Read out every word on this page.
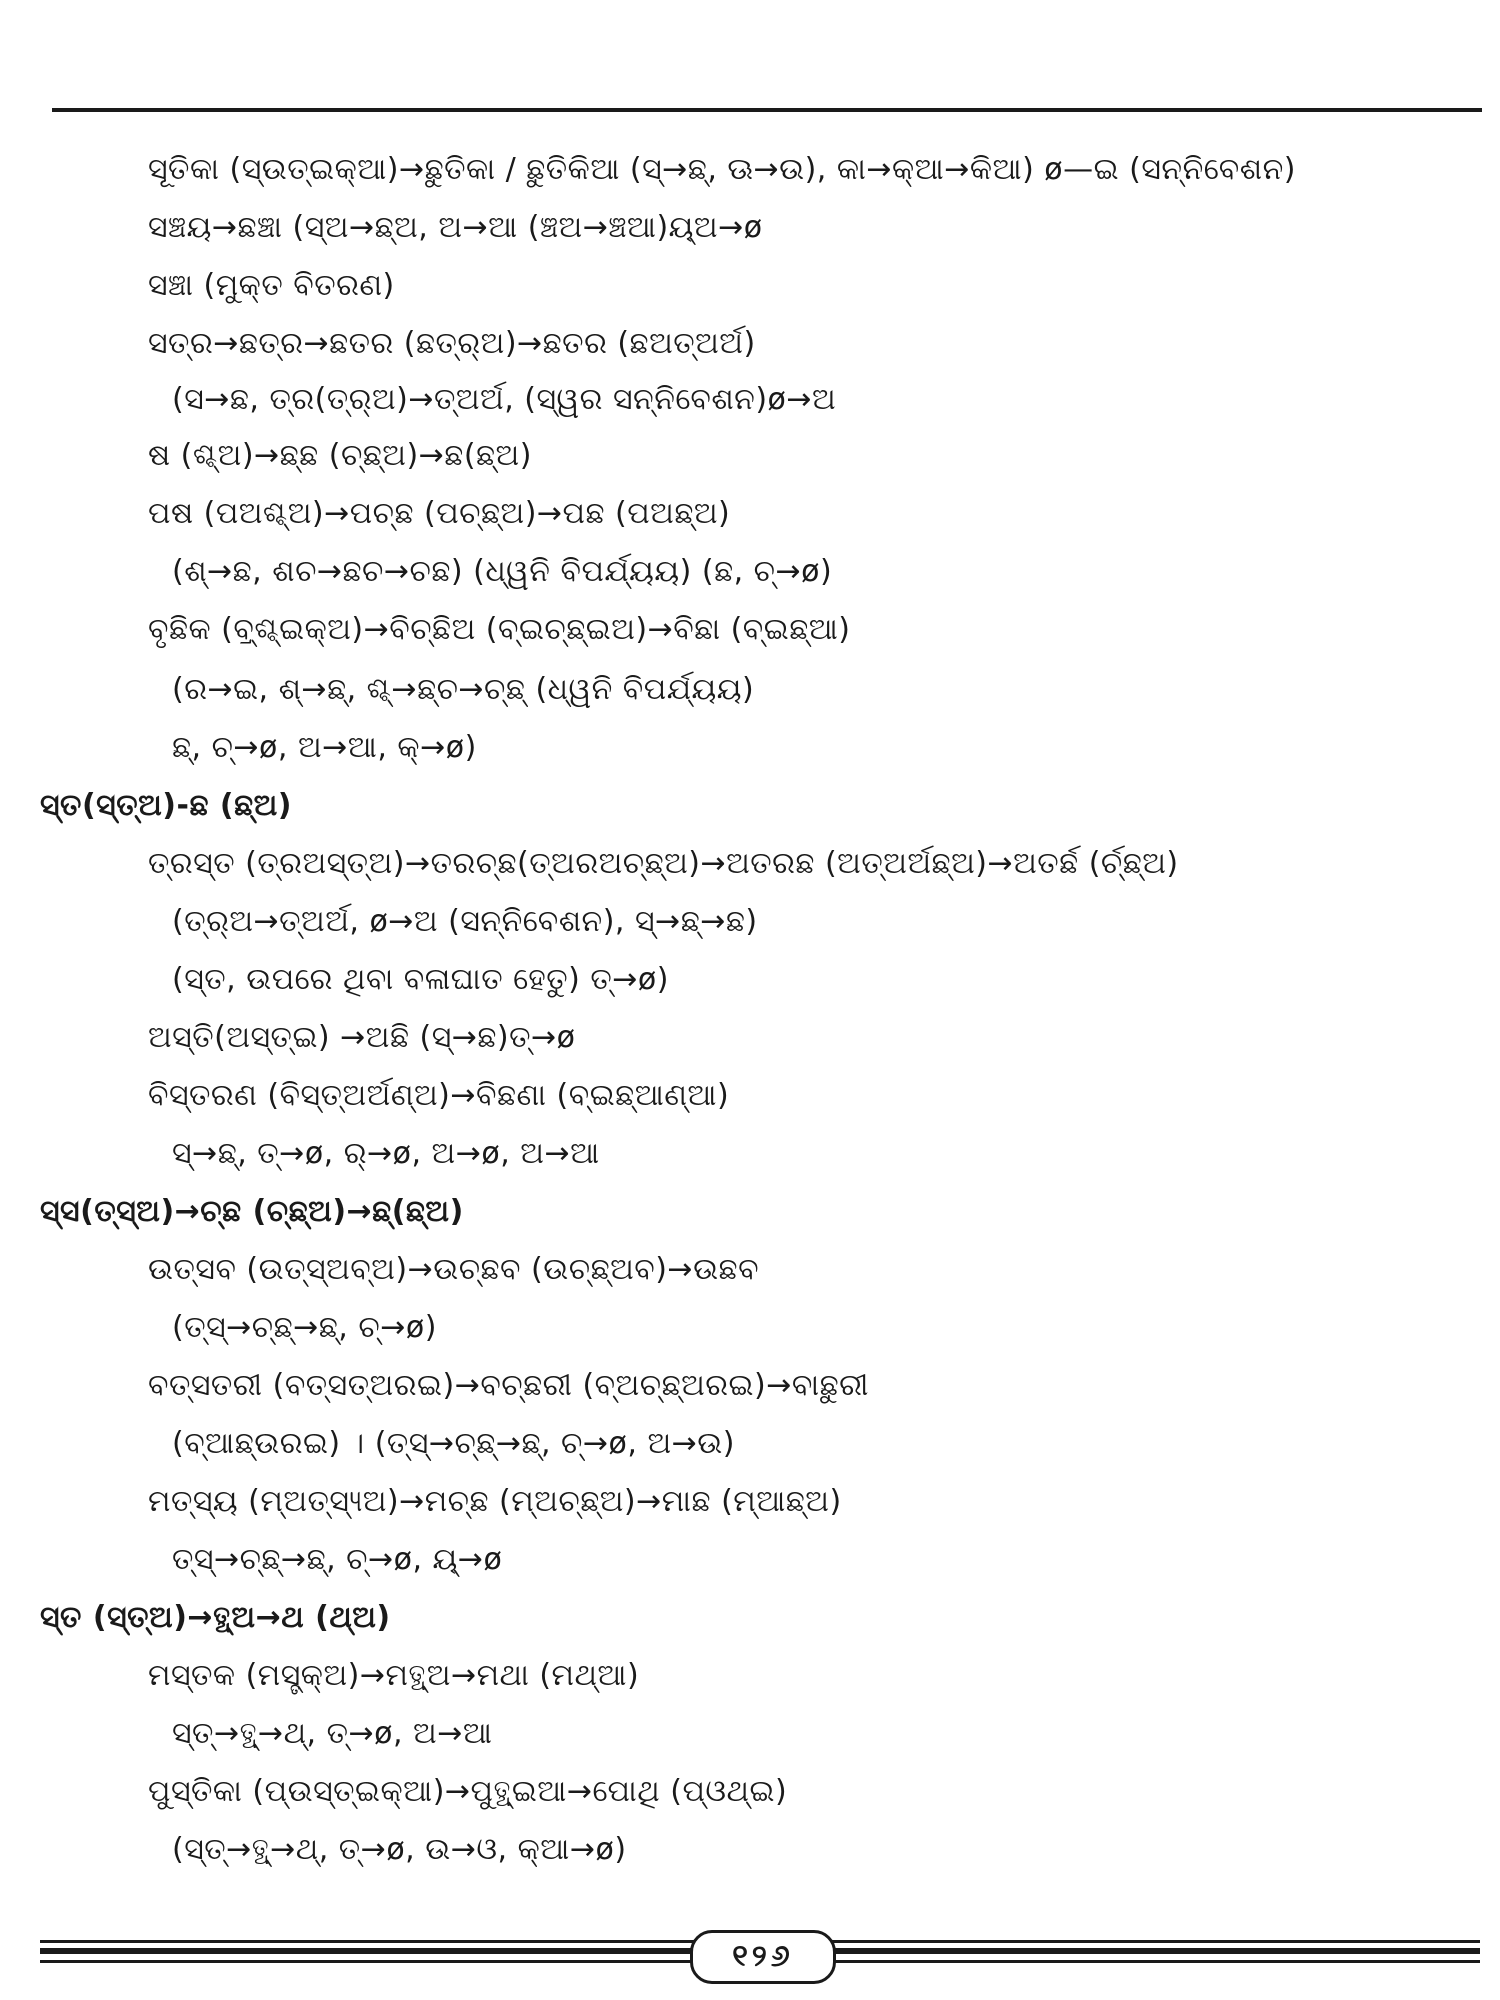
ସୂତିକା (ସ୍ଉତ୍ଇକ୍ଆ)→ଛୁତିକା / ଛୁତିକିଆ (ସ୍→ଛ୍, ଊ→ଉ), କା→କ୍ଆ→କିଆ) ø—ଇ (ସନ୍ନିବେଶନ)
ସଞ୍ଚୟ→ଛଞ୍ଚା (ସ୍ଅ→ଛ୍ଅ, ଅ→ଆ (ଞ୍ଚଅ→ଞ୍ଚଆ)ୟ୍ଅ→ø
ସଞ୍ଚା (ମୁକ୍ତ ବିତରଣ)
ସତ୍ର→ଛତ୍ର→ଛତର (ଛତ୍ର୍ଅ)→ଛତର (ଛଅତ୍ଅର୍ଅ)
(ସ→ଛ, ତ୍ର(ତ୍ର୍ଅ)→ତ୍ଅର୍ଅ, (ସ୍ୱର ସନ୍ନିବେଶନ)ø→ଅ
ଷ (ଶ୍ଚ୍ଅ)→ଛ୍ଛ (ଚ୍ଛ୍ଅ)→ଛ(ଛ୍ଅ)
ପଷ (ପଅଶ୍ଚ୍ଅ)→ପଚ୍ଛ (ପଚ୍ଛ୍ଅ)→ପଛ (ପଅଛ୍ଅ)
(ଶ୍→ଛ, ଶଚ→ଛଚ→ଚଛ) (ଧ୍ୱନି ବିପର୍ଯ୍ୟୟ) (ଛ, ଚ୍→ø)
ବୃଛିକ (ବ୍ର୍ଶ୍ଚ୍ଇକ୍ଅ)→ବିଚ୍ଛିଅ (ବ୍ଇଚ୍ଛ୍ଇଅ)→ବିଛା (ବ୍ଇଛ୍ଆ)
(ର→ଇ, ଶ୍→ଛ୍, ଶ୍ଚ୍→ଛ୍ଚ→ଚ୍ଛ୍ (ଧ୍ୱନି ବିପର୍ଯ୍ୟୟ)
ଛ୍, ଚ୍→ø, ଅ→ଆ, କ୍→ø)
ସ୍ତ(ସ୍ତ୍ଅ)-ଛ (ଛ୍ଅ)
ତ୍ରସ୍ତ (ତ୍ରଅସ୍ତ୍ଅ)→ତରଚ୍ଛ(ତ୍ଅରଅଚ୍ଛ୍ଅ)→ଅତରଛ (ଅତ୍ଅର୍ଅଛ୍ଅ)→ଅତର୍ଛ (ର୍ଚ୍ଛ୍ଅ)
(ତ୍ର୍ଅ→ତ୍ଅର୍ଅ, ø→ଅ (ସନ୍ନିବେଶନ), ସ୍→ଛ୍→ଛ)
(ସ୍ତ, ଉପରେ ଥିବା ବଳାଘାତ ହେତୁ) ତ୍→ø)
ଅସ୍ତି(ଅସ୍ତ୍ଇ) →ଅଛି (ସ୍→ଛ)ତ୍→ø
ବିସ୍ତରଣ (ବିସ୍ତ୍ଅର୍ଅଣ୍ଅ)→ବିଛଣା (ବ୍ଇଛ୍ଆଣ୍ଆ)
ସ୍→ଛ୍, ତ୍→ø, ର୍→ø, ଅ→ø, ଅ→ଆ
ସ୍ସ(ତ୍ସ୍ଅ)→ଚ୍ଛ (ଚ୍ଛ୍ଅ)→ଛ୍(ଛ୍ଅ)
ଉତ୍ସବ (ଉତ୍ସ୍ଅବ୍ଅ)→ଉଚ୍ଛବ (ଉଚ୍ଛ୍ଅବ)→ଉଛବ
(ତ୍ସ୍→ଚ୍ଛ୍→ଛ୍, ଚ୍→ø)
ବତ୍ସତରୀ (ବତ୍ସତ୍ଅରଇ)→ବଚ୍ଛରୀ (ବ୍ଅଚ୍ଛ୍ଅରଇ)→ବାଛୁରୀ
(ବ୍ଆଛ୍ଉରଇ) । (ତ୍ସ୍→ଚ୍ଛ୍→ଛ୍, ଚ୍→ø, ଅ→ଉ)
ମତ୍ସ୍ୟ (ମ୍ଅତ୍ସ୍ୟ୍ଅ)→ମଚ୍ଛ (ମ୍ଅଚ୍ଛ୍ଅ)→ମାଛ (ମ୍ଆଛ୍ଅ)
ତ୍ସ୍→ଚ୍ଛ୍→ଛ୍, ଚ୍→ø, ୟ୍→ø
ସ୍ତ (ସ୍ତ୍ଅ)→ତ୍ଥ୍ଅ→ଥ (ଥ୍ଅ)
ମସ୍ତକ (ମସ୍ତ୍କ୍ଅ)→ମତ୍ଥ୍ଅ→ମଥା (ମଥ୍ଆ)
ସ୍ତ୍→ତ୍ଥ୍→ଥ୍, ତ୍→ø, ଅ→ଆ
ପୁସ୍ତିକା (ପ୍ଉସ୍ତ୍ଇକ୍ଆ)→ପୁତ୍ଥ୍ଇଆ→ପୋଥି (ପ୍ଓଥ୍ଇ)
(ସ୍ତ୍→ତ୍ଥ୍→ଥ୍, ତ୍→ø, ଉ→ଓ, କ୍ଆ→ø)
୧୨୬
